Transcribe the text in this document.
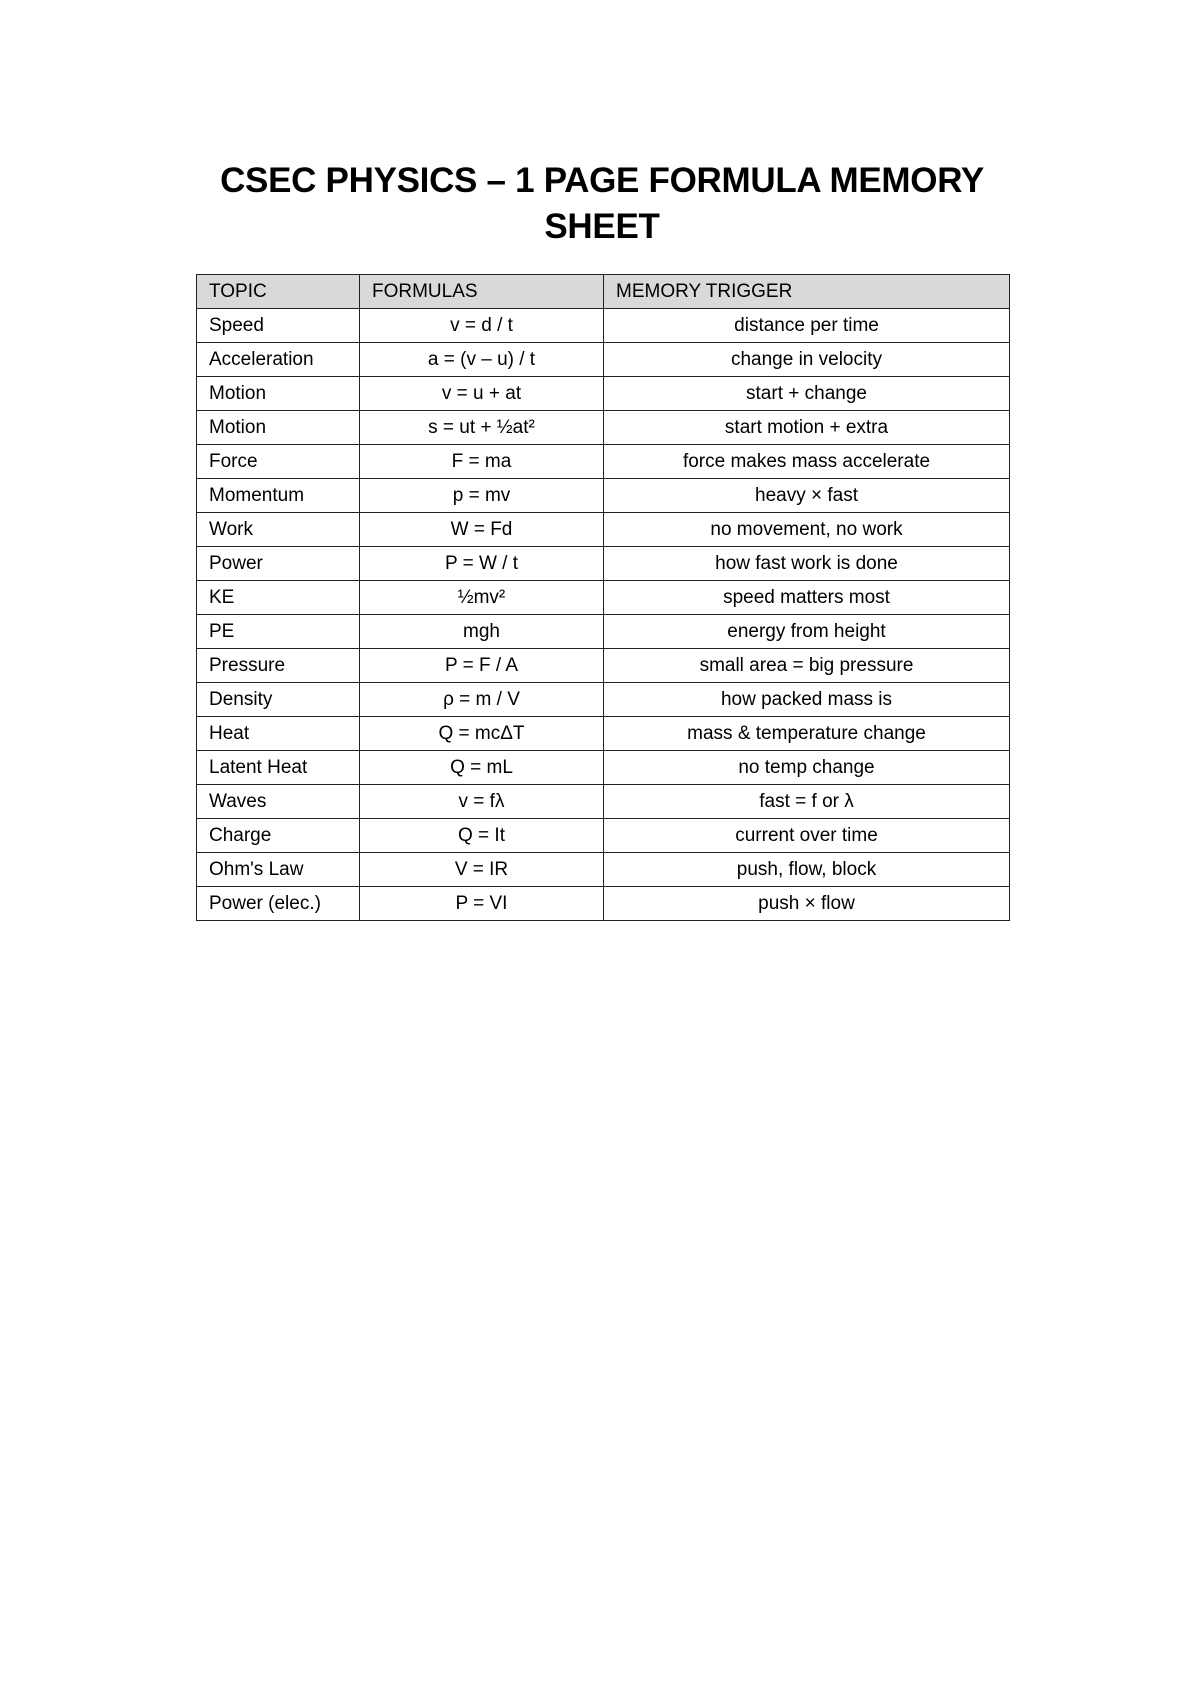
CSEC PHYSICS – 1 PAGE FORMULA MEMORY SHEET
TOPIC	FORMULAS	MEMORY TRIGGER
Speed	v = d / t	distance per time
Acceleration	a = (v – u) / t	change in velocity
Motion	v = u + at	start + change
Motion	s = ut + ½at²	start motion + extra
Force	F = ma	force makes mass accelerate
Momentum	p = mv	heavy × fast
Work	W = Fd	no movement, no work
Power	P = W / t	how fast work is done
KE	½mv²	speed matters most
PE	mgh	energy from height
Pressure	P = F / A	small area = big pressure
Density	ρ = m / V	how packed mass is
Heat	Q = mcΔT	mass & temperature change
Latent Heat	Q = mL	no temp change
Waves	v = fλ	fast = f or λ
Charge	Q = It	current over time
Ohm's Law	V = IR	push, flow, block
Power (elec.)	P = VI	push × flow
